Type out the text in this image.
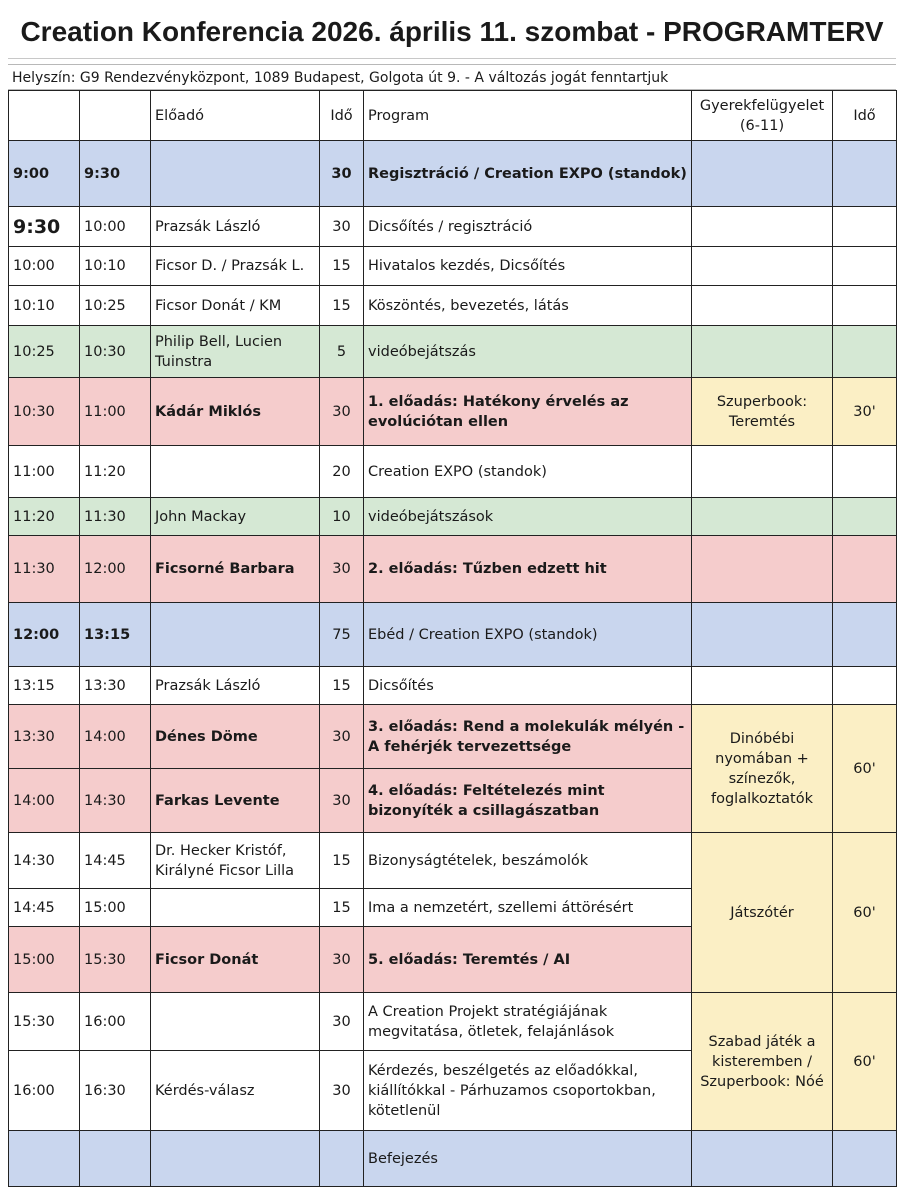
Creation Konferencia 2026. április 11. szombat - PROGRAMTERV
Helyszín: G9 Rendezvényközpont, 1089 Budapest, Golgota út 9. - A változás jogát fenntartjuk
		Előadó	Idő	Program	Gyerekfelügyelet (6-11)	Idő
9:00	9:30		30	Regisztráció / Creation EXPO (standok)		
9:30	10:00	Prazsák László	30	Dicsőítés / regisztráció		
10:00	10:10	Ficsor D. / Prazsák L.	15	Hivatalos kezdés, Dicsőítés		
10:10	10:25	Ficsor Donát / KM	15	Köszöntés, bevezetés, látás		
10:25	10:30	Philip Bell, Lucien Tuinstra	5	videóbejátszás		
10:30	11:00	Kádár Miklós	30	1. előadás: Hatékony érvelés az evolúciótan ellen	Szuperbook: Teremtés	30'
11:00	11:20		20	Creation EXPO (standok)		
11:20	11:30	John Mackay	10	videóbejátszások		
11:30	12:00	Ficsorné Barbara	30	2. előadás: Tűzben edzett hit		
12:00	13:15		75	Ebéd / Creation EXPO (standok)		
13:15	13:30	Prazsák László	15	Dicsőítés		
13:30	14:00	Dénes Döme	30	3. előadás: Rend a molekulák mélyén - A fehérjék tervezettsége	Dinóbébi nyomában + színezők, foglalkoztatók	60'
14:00	14:30	Farkas Levente	30	4. előadás: Feltételezés mint bizonyíték a csillagászatban		
14:30	14:45	Dr. Hecker Kristóf, Királyné Ficsor Lilla	15	Bizonyságtételek, beszámolók	Játszótér	60'
14:45	15:00		15	Ima a nemzetért, szellemi áttörésért		
15:00	15:30	Ficsor Donát	30	5. előadás: Teremtés / AI		
15:30	16:00		30	A Creation Projekt stratégiájának megvitatása, ötletek, felajánlások	Szabad játék a kisteremben / Szuperbook: Nóé	60'
16:00	16:30	Kérdés-válasz	30	Kérdezés, beszélgetés az előadókkal, kiállítókkal - Párhuzamos csoportokban, kötetlenül		
				Befejezés		
